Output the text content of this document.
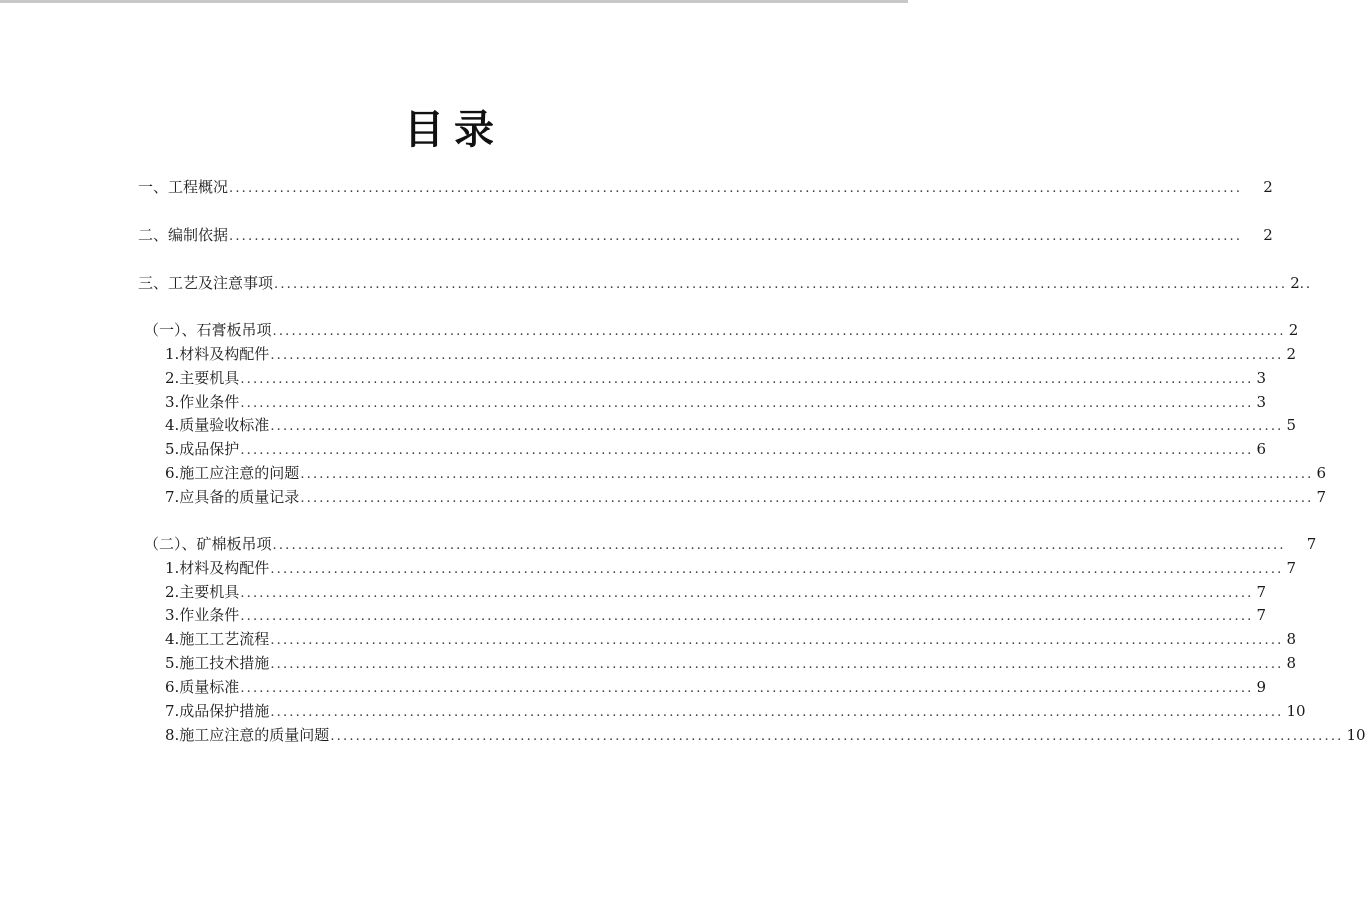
目录
一、工程概况 ................................................................................................................................................................ 2
二、编制依据 ................................................................................................................................................................ 2
三、工艺及注意事项 ................................................................................................................................................................ 2 ..
（一）、石膏板吊项 ................................................................................................................................................................ 2
1.材料及构配件 ................................................................................................................................................................ 2
2.主要机具 ................................................................................................................................................................ 3
3.作业条件 ................................................................................................................................................................ 3
4.质量验收标准 ................................................................................................................................................................ 5
5.成品保护 ................................................................................................................................................................ 6
6.施工应注意的问题 ................................................................................................................................................................ 6
7.应具备的质量记录 ................................................................................................................................................................ 7
（二）、矿棉板吊项 ................................................................................................................................................................ 7
1.材料及构配件 ................................................................................................................................................................ 7
2.主要机具 ................................................................................................................................................................ 7
3.作业条件 ................................................................................................................................................................ 7
4.施工工艺流程 ................................................................................................................................................................ 8
5.施工技术措施 ................................................................................................................................................................ 8
6.质量标准 ................................................................................................................................................................ 9
7.成品保护措施 ................................................................................................................................................................ 10
8.施工应注意的质量问题 ................................................................................................................................................................ 10
